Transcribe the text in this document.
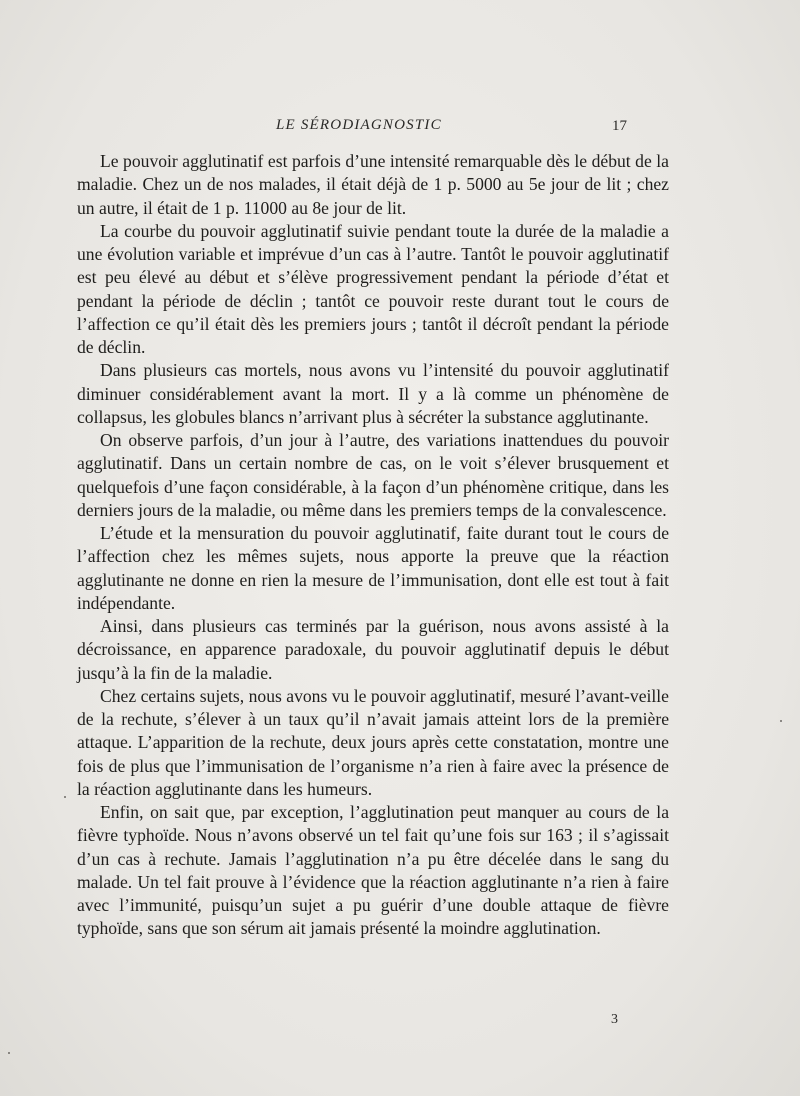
LE SÉRODIAGNOSTIC	17

Le pouvoir agglutinatif est parfois d’une intensité remarquable dès le début de la maladie. Chez un de nos malades, il était déjà de 1 p. 5000 au 5e jour de lit ; chez un autre, il était de 1 p. 11000 au 8e jour de lit.

La courbe du pouvoir agglutinatif suivie pendant toute la durée de la maladie a une évolution variable et imprévue d’un cas à l’autre. Tantôt le pouvoir agglutinatif est peu élevé au début et s’élève progressivement pendant la période d’état et pendant la période de déclin ; tantôt ce pouvoir reste durant tout le cours de l’affection ce qu’il était dès les premiers jours ; tantôt il décroît pendant la période de déclin.

Dans plusieurs cas mortels, nous avons vu l’intensité du pouvoir agglutinatif diminuer considérablement avant la mort. Il y a là comme un phénomène de collapsus, les globules blancs n’arrivant plus à sécréter la substance agglutinante.

On observe parfois, d’un jour à l’autre, des variations inattendues du pouvoir agglutinatif. Dans un certain nombre de cas, on le voit s’élever brusquement et quelquefois d’une façon considérable, à la façon d’un phénomène critique, dans les derniers jours de la maladie, ou même dans les premiers temps de la convalescence.

L’étude et la mensuration du pouvoir agglutinatif, faite durant tout le cours de l’affection chez les mêmes sujets, nous apporte la preuve que la réaction agglutinante ne donne en rien la mesure de l’immunisation, dont elle est tout à fait indépendante.

Ainsi, dans plusieurs cas terminés par la guérison, nous avons assisté à la décroissance, en apparence paradoxale, du pouvoir agglutinatif depuis le début jusqu’à la fin de la maladie.

Chez certains sujets, nous avons vu le pouvoir agglutinatif, mesuré l’avant-veille de la rechute, s’élever à un taux qu’il n’avait jamais atteint lors de la première attaque. L’apparition de la rechute, deux jours après cette constatation, montre une fois de plus que l’immunisation de l’organisme n’a rien à faire avec la présence de la réaction agglutinante dans les humeurs.

Enfin, on sait que, par exception, l’agglutination peut manquer au cours de la fièvre typhoïde. Nous n’avons observé un tel fait qu’une fois sur 163 ; il s’agissait d’un cas à rechute. Jamais l’agglutination n’a pu être décelée dans le sang du malade. Un tel fait prouve à l’évidence que la réaction agglutinante n’a rien à faire avec l’immunité, puisqu’un sujet a pu guérir d’une double attaque de fièvre typhoïde, sans que son sérum ait jamais présenté la moindre agglutination.

3
